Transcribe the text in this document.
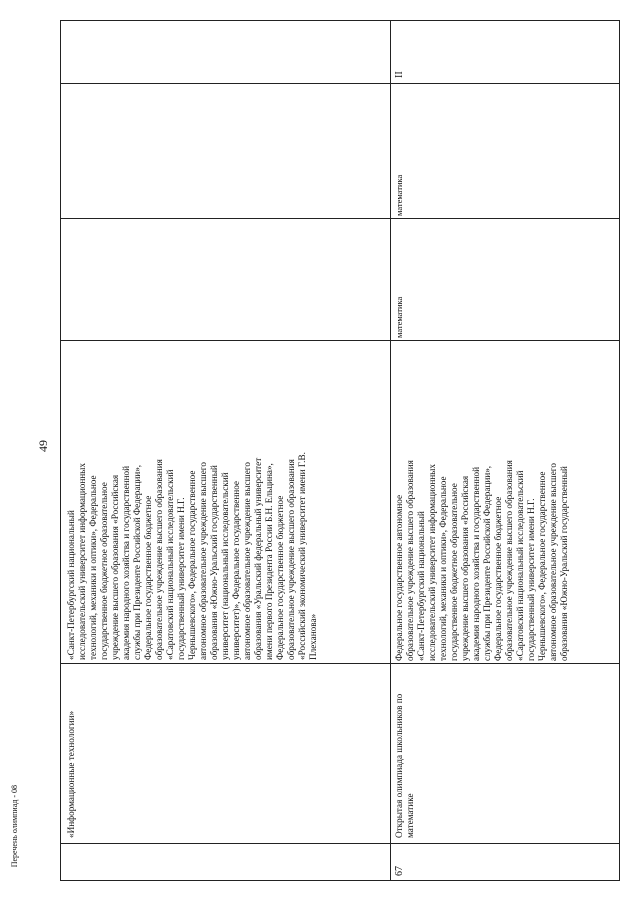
49
Перечень олимпиад - 08
«Санкт-Петербургский национальный
исследовательский университет информационных
технологий, механики и оптики», Федеральное
государственное бюджетное образовательное
учреждение высшего образования «Российская
академия народного хозяйства и государственной
службы при Президенте Российской Федерации»,
Федеральное государственное бюджетное
образовательное учреждение высшего образования
«Саратовский национальный исследовательский
государственный университет имени Н.Г.
Чернышевского», Федеральное государственное
автономное образовательное учреждение высшего
образования «Южно-Уральский государственный
университет (национальный исследовательский
университет)», Федеральное государственное
автономное образовательное учреждение высшего
образования «Уральский федеральный университет
имени первого Президента России Б.Н. Ельцина»,
Федеральное государственное бюджетное
образовательное учреждение высшего образования
«Российский экономический университет имени Г.В.
Плеханова»
«Информационные технологии»
Федеральное государственное автономное
образовательное учреждение высшего образования
«Санкт-Петербургский национальный
исследовательский университет информационных
технологий, механики и оптики», Федеральное
государственное бюджетное образовательное
учреждение высшего образования «Российская
академия народного хозяйства и государственной
службы при Президенте Российской Федерации»,
Федеральное государственное бюджетное
образовательное учреждение высшего образования
«Саратовский национальный исследовательский
государственный университет имени Н.Г.
Чернышевского», Федеральное государственное
автономное образовательное учреждение высшего
образования «Южно-Уральский государственный
Открытая олимпиада школьников по математике
67
математика
математика
II
